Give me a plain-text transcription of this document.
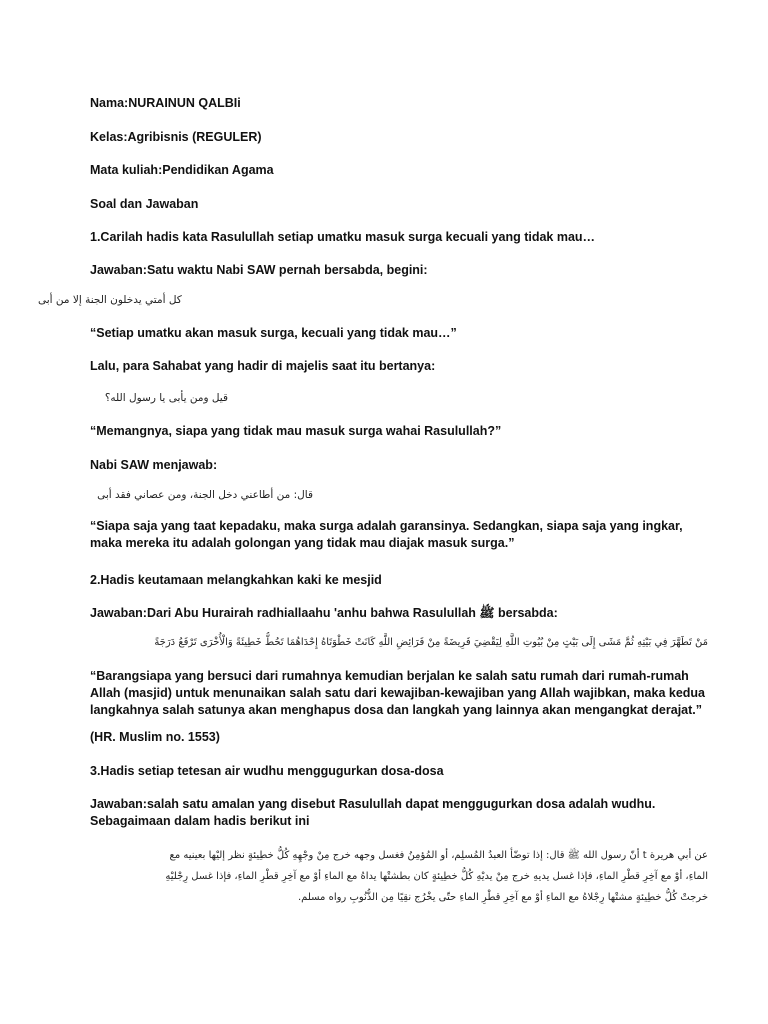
Nama:NURAINUN QALBIi

Kelas:Agribisnis (REGULER)

Mata kuliah:Pendidikan Agama

Soal dan Jawaban

1.Carilah hadis kata Rasulullah setiap umatku masuk surga kecuali yang tidak mau…

Jawaban:Satu waktu Nabi SAW pernah bersabda, begini:

كل أمتي يدخلون الجنة إلا من أبى

“Setiap umatku akan masuk surga, kecuali yang tidak mau…”

Lalu, para Sahabat yang hadir di majelis saat itu bertanya:

قيل ومن يأبى يا رسول الله؟

“Memangnya, siapa yang tidak mau masuk surga wahai Rasulullah?”

Nabi SAW menjawab:

قال: من أطاعني دخل الجنة، ومن عصاني فقد أبى

“Siapa saja yang taat kepadaku, maka surga adalah garansinya. Sedangkan, siapa saja yang ingkar, maka mereka itu adalah golongan yang tidak mau diajak masuk surga.”

2.Hadis keutamaan melangkahkan kaki ke mesjid

Jawaban:Dari Abu Hurairah radhiallaahu 'anhu bahwa Rasulullah ﷺ bersabda:

مَنْ تَطَهَّرَ فِي بَيْتِهِ ثُمَّ مَشَى إِلَى بَيْتٍ مِنْ بُيُوتِ اللَّهِ لِيَقْضِيَ فَرِيضَةً مِنْ فَرَائِضِ اللَّهِ كَانَتْ خَطْوَتَاهُ إِحْدَاهُمَا تَحُطُّ خَطِيئَةً وَالْأُخْرَى تَرْفَعُ دَرَجَةً

“Barangsiapa yang bersuci dari rumahnya kemudian berjalan ke salah satu rumah dari rumah-rumah Allah (masjid) untuk menunaikan salah satu dari kewajiban-kewajiban yang Allah wajibkan, maka kedua langkahnya salah satunya akan menghapus dosa dan langkah yang lainnya akan mengangkat derajat.”

(HR. Muslim no. 1553)

3.Hadis setiap tetesan air wudhu menggugurkan dosa-dosa

Jawaban:salah satu amalan yang disebut Rasulullah dapat menggugurkan dosa adalah wudhu. Sebagaimaan dalam hadis berikut ini

عن أبي هريرة t أنّ رسول الله ﷺ قال: إذا توضّأ العبدُ المُسلِم، أو المُؤمِنُ فغسل وجهه خرج مِنْ وجْهِهِ كُلُّ خطِيئةٍ نظر إليْها بعينيه مع

الماءِ، أوْ مع آخِرِ قطْرِ الماءِ، فإذا غسل يديهِ خرج مِنْ يديْهِ كُلُّ خطِيئةٍ كان بطشتْها يداهُ مع الماءِ أوْ مع آخِرِ قطْرِ الماءِ، فإذا غسل رِجْليْهِ

خرجتْ كُلُّ خطِيئةٍ مشتْها رِجْلاهُ مع الماءِ أوْ مع آخِرِ قطْرِ الماءِ حتّى يخْرُج نقِيًا مِن الذُّنُوبِ رواه مسلم.
